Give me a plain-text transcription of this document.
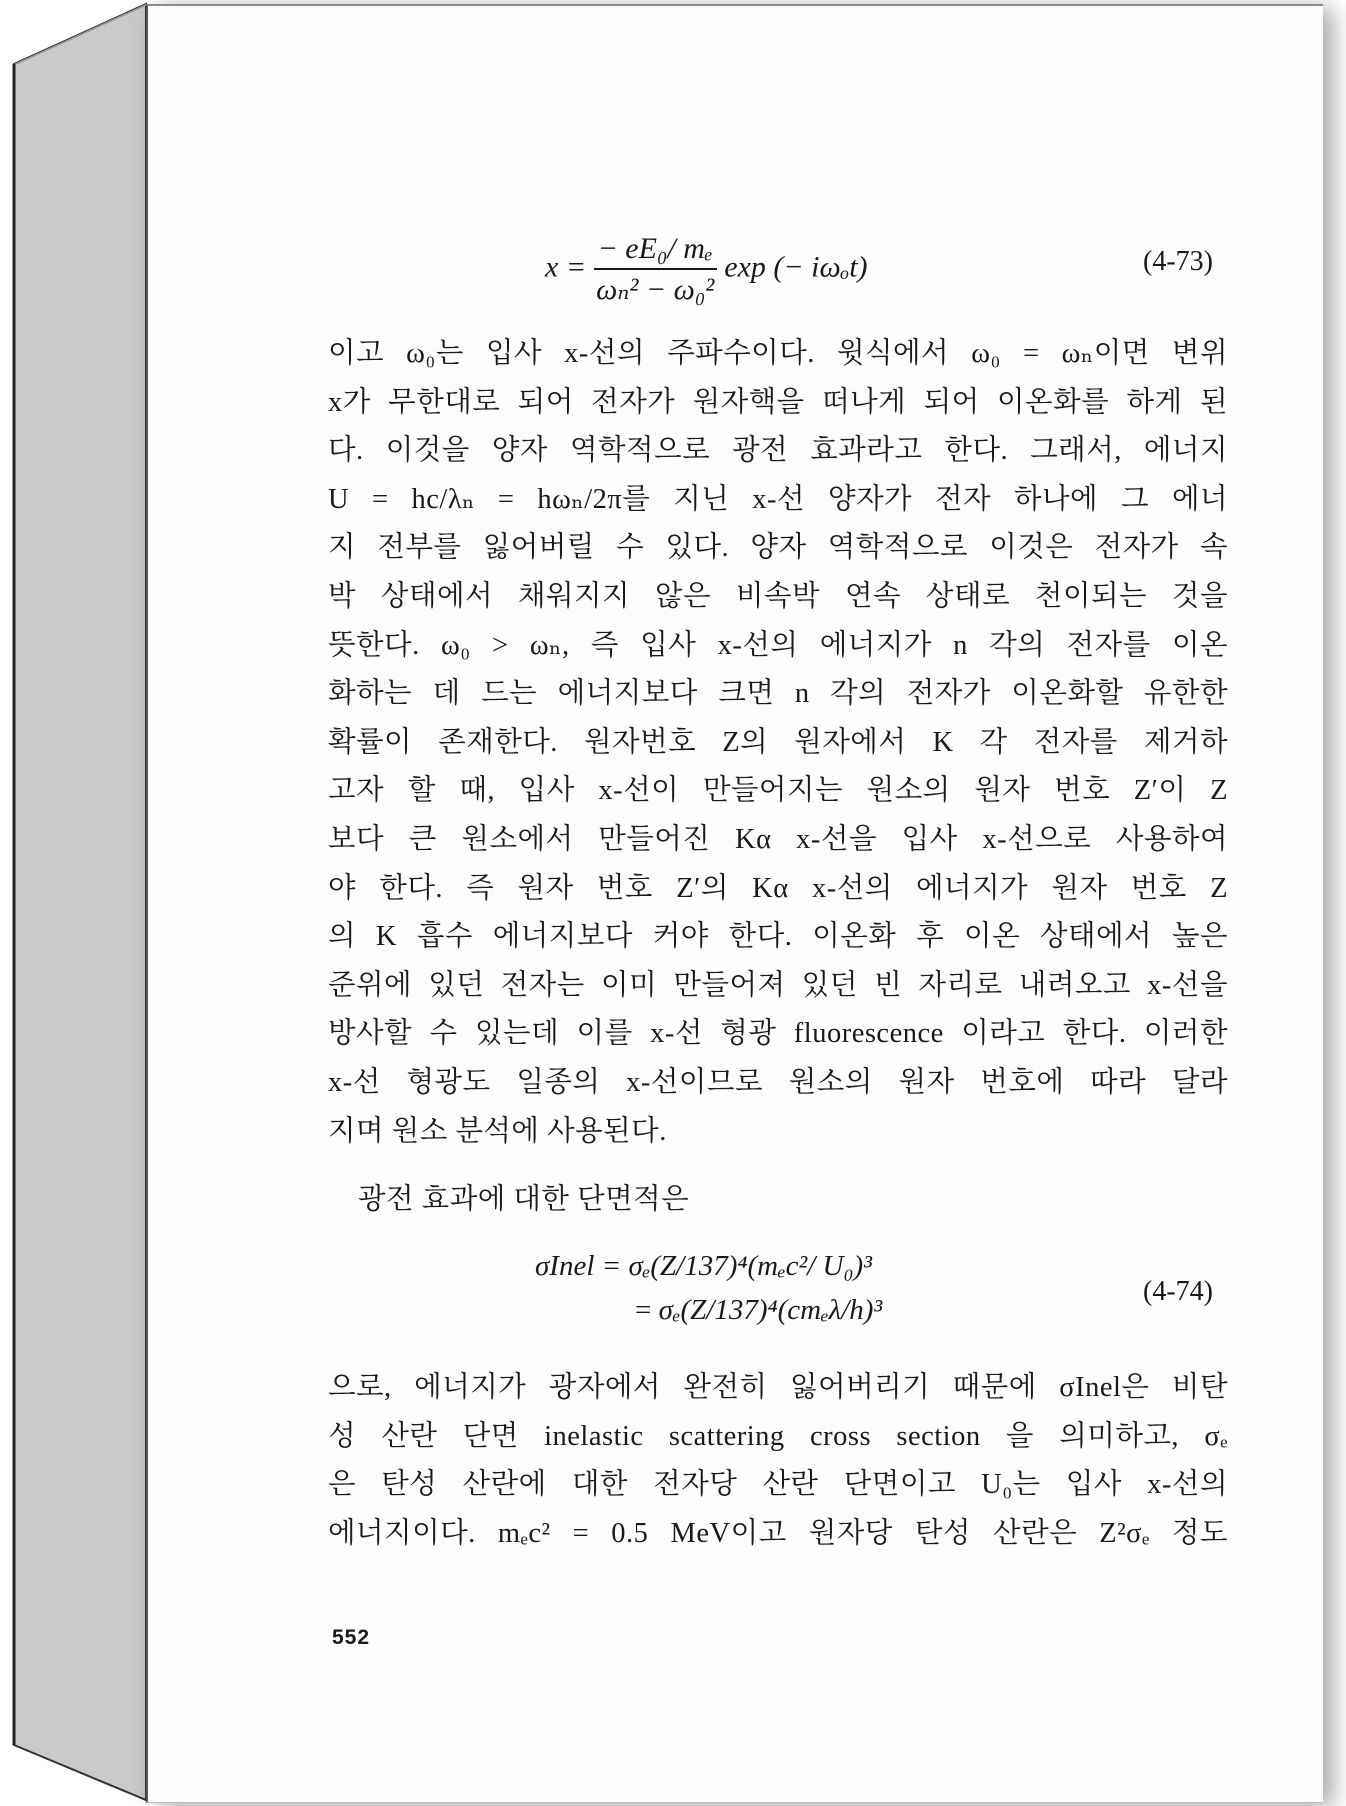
$x = \frac{\text{− eE₀/ mₑ}}{\text{ωₙ² − ω₀²}}$ exp (− iωₒt)	(4-73)

이고 ω₀는 입사 x-선의 주파수이다. 윗식에서 ω₀ = ωₙ이면 변위
x가 무한대로 되어 전자가 원자핵을 떠나게 되어 이온화를 하게 된
다. 이것을 양자 역학적으로 광전 효과라고 한다. 그래서, 에너지
U = hc/λₙ = hωₙ/2π를 지닌 x-선 양자가 전자 하나에 그 에너
지 전부를 잃어버릴 수 있다. 양자 역학적으로 이것은 전자가 속
박 상태에서 채워지지 않은 비속박 연속 상태로 천이되는 것을
뜻한다. ω₀ > ωₙ, 즉 입사 x-선의 에너지가 n 각의 전자를 이온
화하는 데 드는 에너지보다 크면 n 각의 전자가 이온화할 유한한
확률이 존재한다. 원자번호 Z의 원자에서 K 각 전자를 제거하
고자 할 때, 입사 x-선이 만들어지는 원소의 원자 번호 Z′이 Z
보다 큰 원소에서 만들어진 Kα x-선을 입사 x-선으로 사용하여
야 한다. 즉 원자 번호 Z′의 Kα x-선의 에너지가 원자 번호 Z
의 K 흡수 에너지보다 커야 한다. 이온화 후 이온 상태에서 높은
준위에 있던 전자는 이미 만들어져 있던 빈 자리로 내려오고 x-선을
방사할 수 있는데 이를 x-선 형광 fluorescence 이라고 한다. 이러한
x-선 형광도 일종의 x-선이므로 원소의 원자 번호에 따라 달라
지며 원소 분석에 사용된다.

광전 효과에 대한 단면적은

σInel = σₑ(Z/137)⁴(mₑc²/ U₀)³
= σₑ(Z/137)⁴(cmₑλ/h)³
(4-74)

으로, 에너지가 광자에서 완전히 잃어버리기 때문에 σInel은 비탄
성 산란 단면 inelastic scattering cross section 을 의미하고, σₑ
은 탄성 산란에 대한 전자당 산란 단면이고 U₀는 입사 x-선의
에너지이다. mₑc² = 0.5 MeV이고 원자당 탄성 산란은 Z²σₑ 정도

552
